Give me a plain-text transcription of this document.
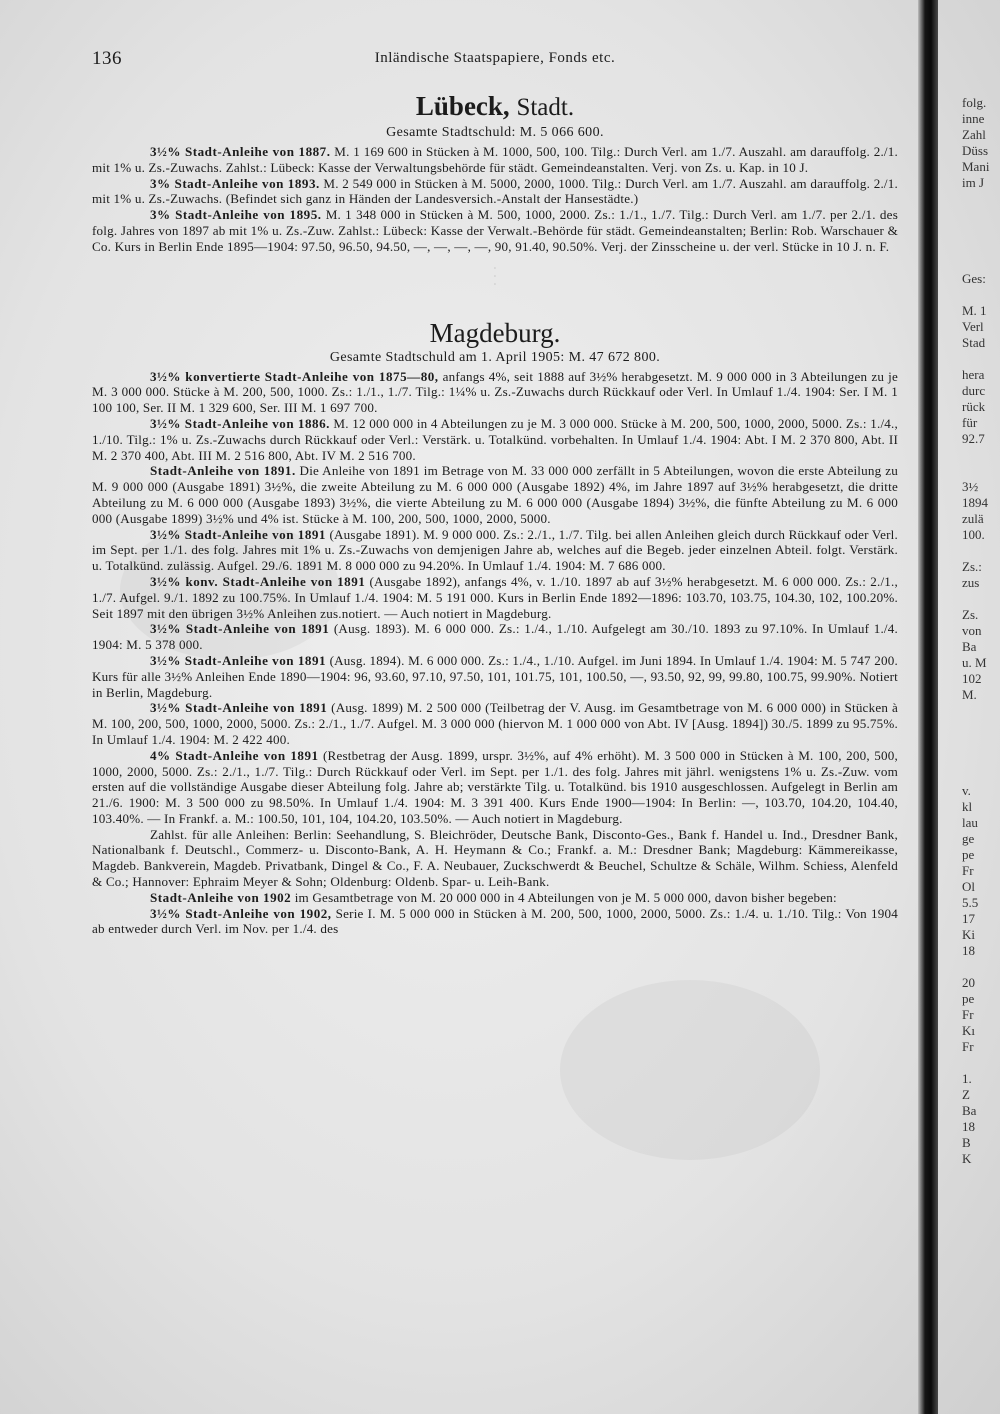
folg.
inne
Zahl
Düss
Mani
im J
Ges:
M. 1
Verl
Stad
hera
durc
rück
für
92.7
3½
1894
zulä
100.
Zs.:
zus
Zs.
von
Ba
u. M
102
M.
v.
kl
lau
ge
pe
Fr
Ol
5.5
17
Ki
18
20
pe
Fr
Kı
Fr
1.
Z
Ba
18
B
K
136	Inländische Staatspapiere, Fonds etc.
Lübeck, Stadt.
Gesamte Stadtschuld: M. 5 066 600.

3½% Stadt-Anleihe von 1887. M. 1 169 600 in Stücken à M. 1000, 500, 100. Tilg.: Durch Verl. am 1./7. Auszahl. am darauffolg. 2./1. mit 1% u. Zs.-Zuwachs. Zahlst.: Lübeck: Kasse der Verwaltungsbehörde für städt. Gemeindeanstalten. Verj. von Zs. u. Kap. in 10 J.

3% Stadt-Anleihe von 1893. M. 2 549 000 in Stücken à M. 5000, 2000, 1000. Tilg.: Durch Verl. am 1./7. Auszahl. am darauffolg. 2./1. mit 1% u. Zs.-Zuwachs. (Befindet sich ganz in Händen der Landesversich.-Anstalt der Hansestädte.)

3% Stadt-Anleihe von 1895. M. 1 348 000 in Stücken à M. 500, 1000, 2000. Zs.: 1./1., 1./7. Tilg.: Durch Verl. am 1./7. per 2./1. des folg. Jahres von 1897 ab mit 1% u. Zs.-Zuw. Zahlst.: Lübeck: Kasse der Verwalt.-Behörde für städt. Gemeindeanstalten; Berlin: Rob. Warschauer & Co. Kurs in Berlin Ende 1895—1904: 97.50, 96.50, 94.50, —, —, —, —, 90, 91.40, 90.50%. Verj. der Zinsscheine u. der verl. Stücke in 10 J. n. F.

·
·
·
Magdeburg.
Gesamte Stadtschuld am 1. April 1905: M. 47 672 800.

3½% konvertierte Stadt-Anleihe von 1875—80, anfangs 4%, seit 1888 auf 3½% herabgesetzt. M. 9 000 000 in 3 Abteilungen zu je M. 3 000 000. Stücke à M. 200, 500, 1000. Zs.: 1./1., 1./7. Tilg.: 1¼% u. Zs.-Zuwachs durch Rückkauf oder Verl. In Umlauf 1./4. 1904: Ser. I M. 1 100 100, Ser. II M. 1 329 600, Ser. III M. 1 697 700.

3½% Stadt-Anleihe von 1886. M. 12 000 000 in 4 Abteilungen zu je M. 3 000 000. Stücke à M. 200, 500, 1000, 2000, 5000. Zs.: 1./4., 1./10. Tilg.: 1% u. Zs.-Zuwachs durch Rückkauf oder Verl.: Verstärk. u. Totalkünd. vorbehalten. In Umlauf 1./4. 1904: Abt. I M. 2 370 800, Abt. II M. 2 370 400, Abt. III M. 2 516 800, Abt. IV M. 2 516 700.

Stadt-Anleihe von 1891. Die Anleihe von 1891 im Betrage von M. 33 000 000 zerfällt in 5 Abteilungen, wovon die erste Abteilung zu M. 9 000 000 (Ausgabe 1891) 3½%, die zweite Abteilung zu M. 6 000 000 (Ausgabe 1892) 4%, im Jahre 1897 auf 3½% herabgesetzt, die dritte Abteilung zu M. 6 000 000 (Ausgabe 1893) 3½%, die vierte Abteilung zu M. 6 000 000 (Ausgabe 1894) 3½%, die fünfte Abteilung zu M. 6 000 000 (Ausgabe 1899) 3½% und 4% ist. Stücke à M. 100, 200, 500, 1000, 2000, 5000.

3½% Stadt-Anleihe von 1891 (Ausgabe 1891). M. 9 000 000. Zs.: 2./1., 1./7. Tilg. bei allen Anleihen gleich durch Rückkauf oder Verl. im Sept. per 1./1. des folg. Jahres mit 1% u. Zs.-Zuwachs von demjenigen Jahre ab, welches auf die Begeb. jeder einzelnen Abteil. folgt. Verstärk. u. Totalkünd. zulässig. Aufgel. 29./6. 1891 M. 8 000 000 zu 94.20%. In Umlauf 1./4. 1904: M. 7 686 000.

3½% konv. Stadt-Anleihe von 1891 (Ausgabe 1892), anfangs 4%, v. 1./10. 1897 ab auf 3½% herabgesetzt. M. 6 000 000. Zs.: 2./1., 1./7. Aufgel. 9./1. 1892 zu 100.75%. In Umlauf 1./4. 1904: M. 5 191 000. Kurs in Berlin Ende 1892—1896: 103.70, 103.75, 104.30, 102, 100.20%. Seit 1897 mit den übrigen 3½% Anleihen zus.notiert. — Auch notiert in Magdeburg.

3½% Stadt-Anleihe von 1891 (Ausg. 1893). M. 6 000 000. Zs.: 1./4., 1./10. Aufgelegt am 30./10. 1893 zu 97.10%. In Umlauf 1./4. 1904: M. 5 378 000.

3½% Stadt-Anleihe von 1891 (Ausg. 1894). M. 6 000 000. Zs.: 1./4., 1./10. Aufgel. im Juni 1894. In Umlauf 1./4. 1904: M. 5 747 200. Kurs für alle 3½% Anleihen Ende 1890—1904: 96, 93.60, 97.10, 97.50, 101, 101.75, 101, 100.50, —, 93.50, 92, 99, 99.80, 100.75, 99.90%. Notiert in Berlin, Magdeburg.

3½% Stadt-Anleihe von 1891 (Ausg. 1899) M. 2 500 000 (Teilbetrag der V. Ausg. im Gesamtbetrage von M. 6 000 000) in Stücken à M. 100, 200, 500, 1000, 2000, 5000. Zs.: 2./1., 1./7. Aufgel. M. 3 000 000 (hiervon M. 1 000 000 von Abt. IV [Ausg. 1894]) 30./5. 1899 zu 95.75%. In Umlauf 1./4. 1904: M. 2 422 400.

4% Stadt-Anleihe von 1891 (Restbetrag der Ausg. 1899, urspr. 3½%, auf 4% erhöht). M. 3 500 000 in Stücken à M. 100, 200, 500, 1000, 2000, 5000. Zs.: 2./1., 1./7. Tilg.: Durch Rückkauf oder Verl. im Sept. per 1./1. des folg. Jahres mit jährl. wenigstens 1% u. Zs.-Zuw. vom ersten auf die vollständige Ausgabe dieser Abteilung folg. Jahre ab; verstärkte Tilg. u. Totalkünd. bis 1910 ausgeschlossen. Aufgelegt in Berlin am 21./6. 1900: M. 3 500 000 zu 98.50%. In Umlauf 1./4. 1904: M. 3 391 400. Kurs Ende 1900—1904: In Berlin: —, 103.70, 104.20, 104.40, 103.40%. — In Frankf. a. M.: 100.50, 101, 104, 104.20, 103.50%. — Auch notiert in Magdeburg.

Zahlst. für alle Anleihen: Berlin: Seehandlung, S. Bleichröder, Deutsche Bank, Disconto-Ges., Bank f. Handel u. Ind., Dresdner Bank, Nationalbank f. Deutschl., Commerz- u. Disconto-Bank, A. H. Heymann & Co.; Frankf. a. M.: Dresdner Bank; Magdeburg: Kämmereikasse, Magdeb. Bankverein, Magdeb. Privatbank, Dingel & Co., F. A. Neubauer, Zuckschwerdt & Beuchel, Schultze & Schäle, Wilhm. Schiess, Alenfeld & Co.; Hannover: Ephraim Meyer & Sohn; Oldenburg: Oldenb. Spar- u. Leih-Bank.

Stadt-Anleihe von 1902 im Gesamtbetrage von M. 20 000 000 in 4 Abteilungen von je M. 5 000 000, davon bisher begeben:

3½% Stadt-Anleihe von 1902, Serie I. M. 5 000 000 in Stücken à M. 200, 500, 1000, 2000, 5000. Zs.: 1./4. u. 1./10. Tilg.: Von 1904 ab entweder durch Verl. im Nov. per 1./4. des
